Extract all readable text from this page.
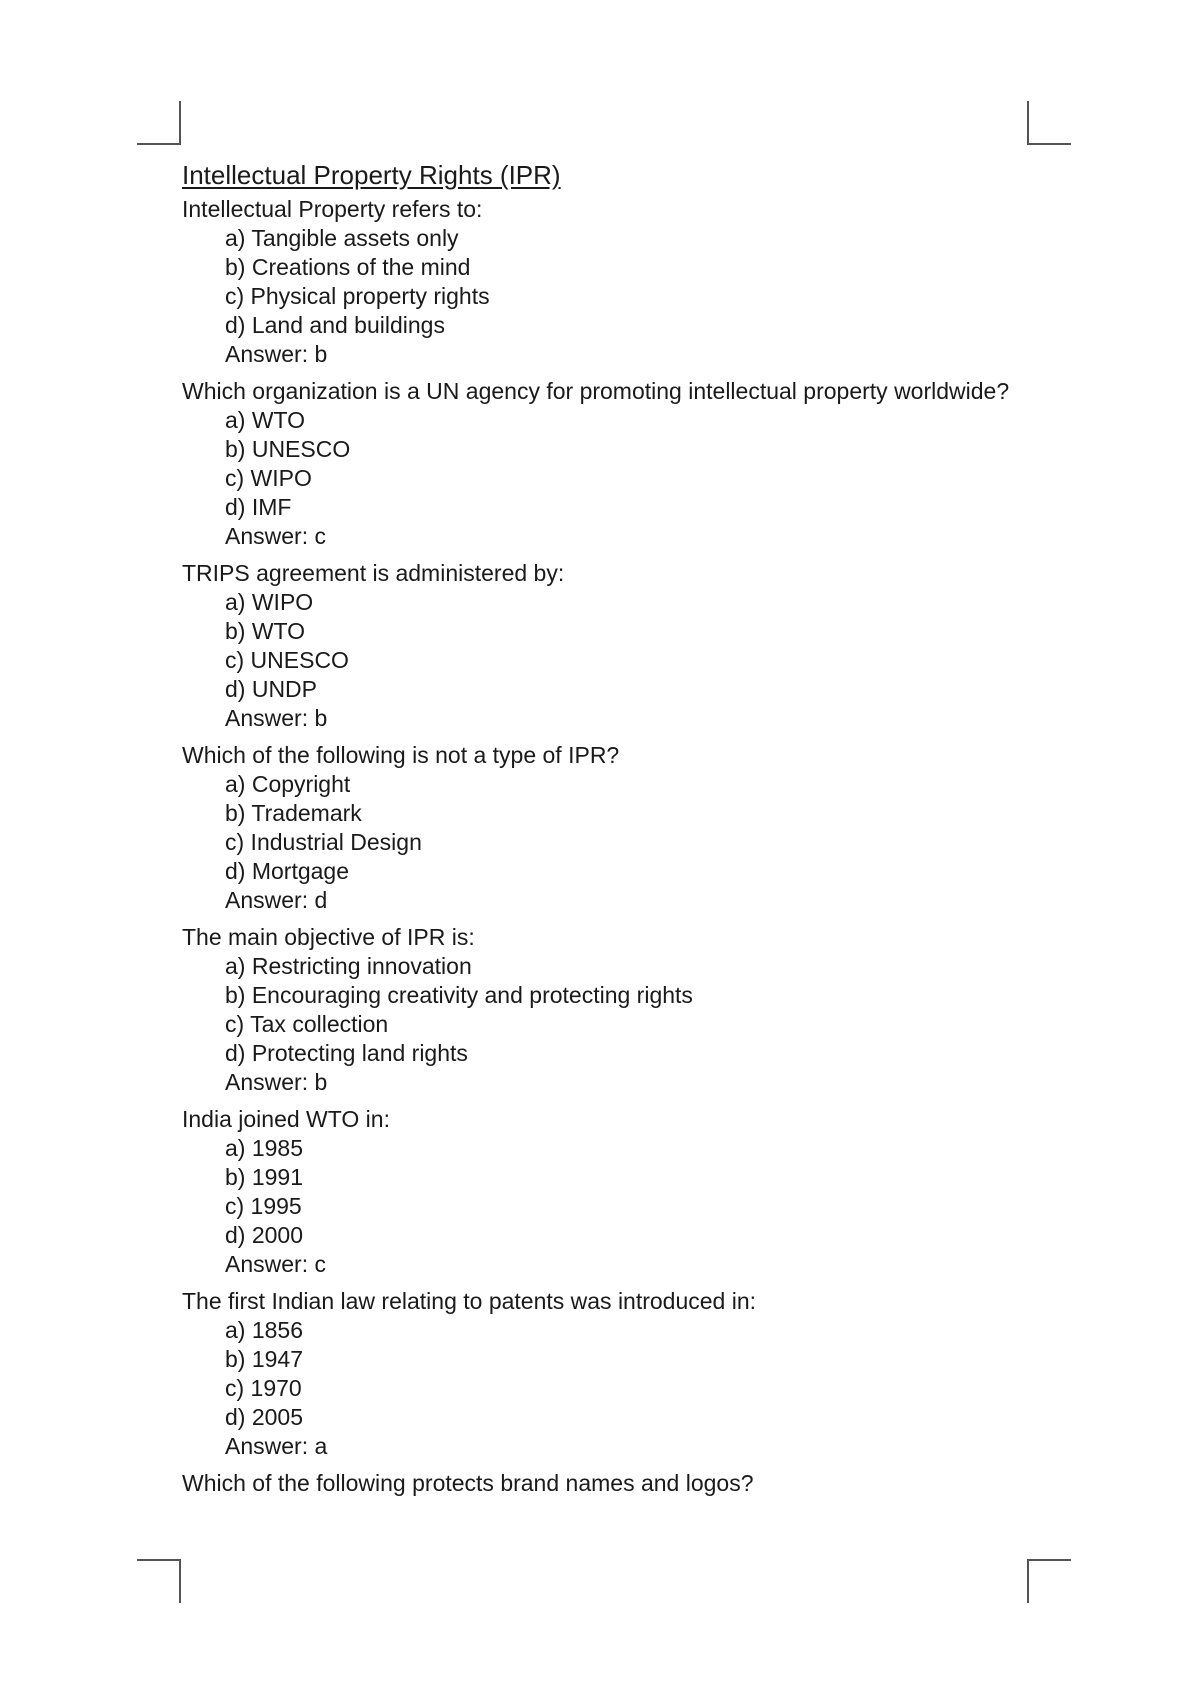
Intellectual Property Rights (IPR)

Intellectual Property refers to:

a) Tangible assets only

b) Creations of the mind

c) Physical property rights

d) Land and buildings

Answer: b

Which organization is a UN agency for promoting intellectual property worldwide?

a) WTO

b) UNESCO

c) WIPO

d) IMF

Answer: c

TRIPS agreement is administered by:

a) WIPO

b) WTO

c) UNESCO

d) UNDP

Answer: b

Which of the following is not a type of IPR?

a) Copyright

b) Trademark

c) Industrial Design

d) Mortgage

Answer: d

The main objective of IPR is:

a) Restricting innovation

b) Encouraging creativity and protecting rights

c) Tax collection

d) Protecting land rights

Answer: b

India joined WTO in:

a) 1985

b) 1991

c) 1995

d) 2000

Answer: c

The first Indian law relating to patents was introduced in:

a) 1856

b) 1947

c) 1970

d) 2005

Answer: a

Which of the following protects brand names and logos?
